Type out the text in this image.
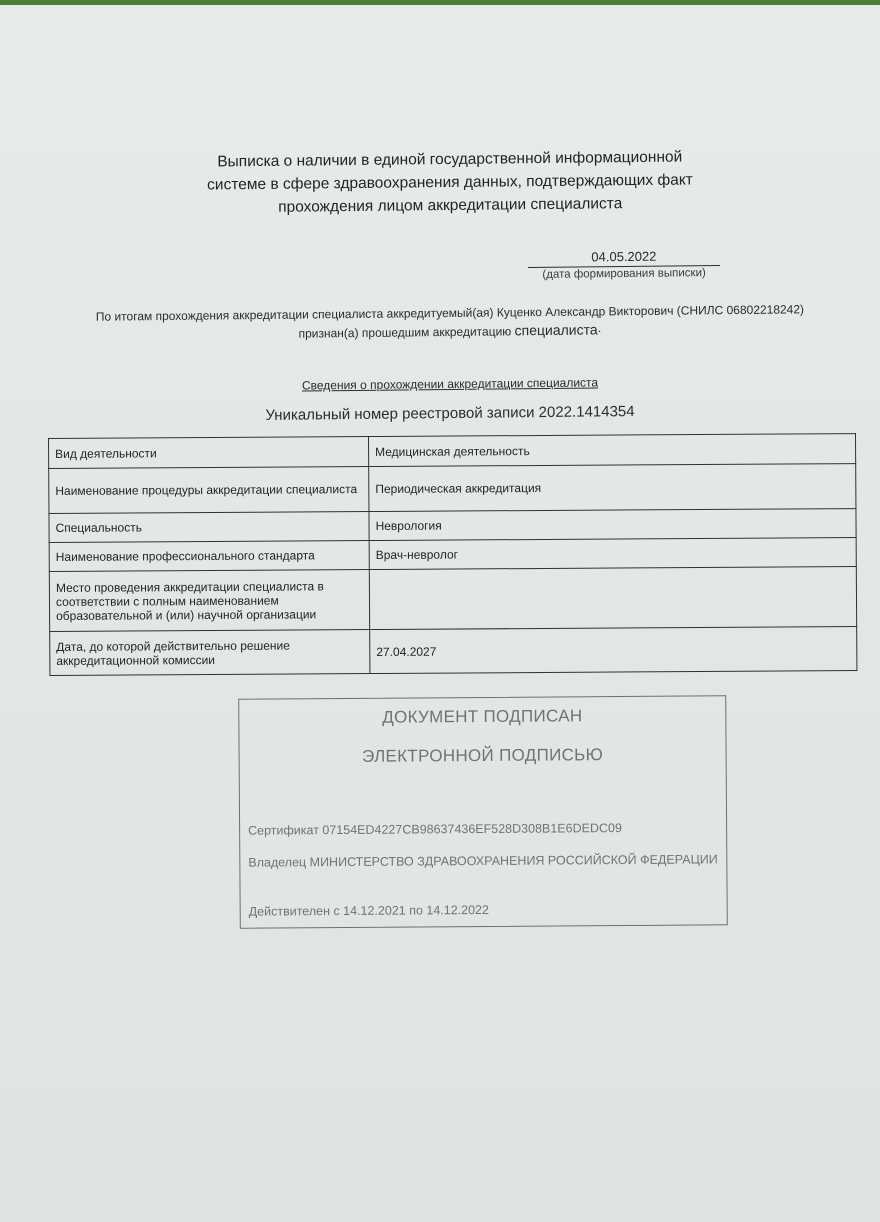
Выписка о наличии в единой государственной информационной
системе в сфере здравоохранения данных, подтверждающих факт
прохождения лицом аккредитации специалиста
04.05.2022
(дата формирования выписки)
По итогам прохождения аккредитации специалиста аккредитуемый(ая) Куценко Александр Викторович (СНИЛС 06802218242)
признан(а) прошедшим аккредитацию специалиста·
Сведения о прохождении аккредитации специалиста
Уникальный номер реестровой записи 2022.1414354
Вид деятельности	Медицинская деятельность
Наименование процедуры аккредитации специалиста	Периодическая аккредитация
Специальность	Неврология
Наименование профессионального стандарта	Врач-невролог
Место проведения аккредитации специалиста в соответствии с полным наименованием образовательной и (или) научной организации	
Дата, до которой действительно решение аккредитационной комиссии	27.04.2027
ДОКУМЕНТ ПОДПИСАН
ЭЛЕКТРОННОЙ ПОДПИСЬЮ
Сертификат 07154ED4227CB98637436EF528D308B1E6DEDC09
Владелец МИНИСТЕРСТВО ЗДРАВООХРАНЕНИЯ РОССИЙСКОЙ ФЕДЕРАЦИИ
Действителен с 14.12.2021 по 14.12.2022
